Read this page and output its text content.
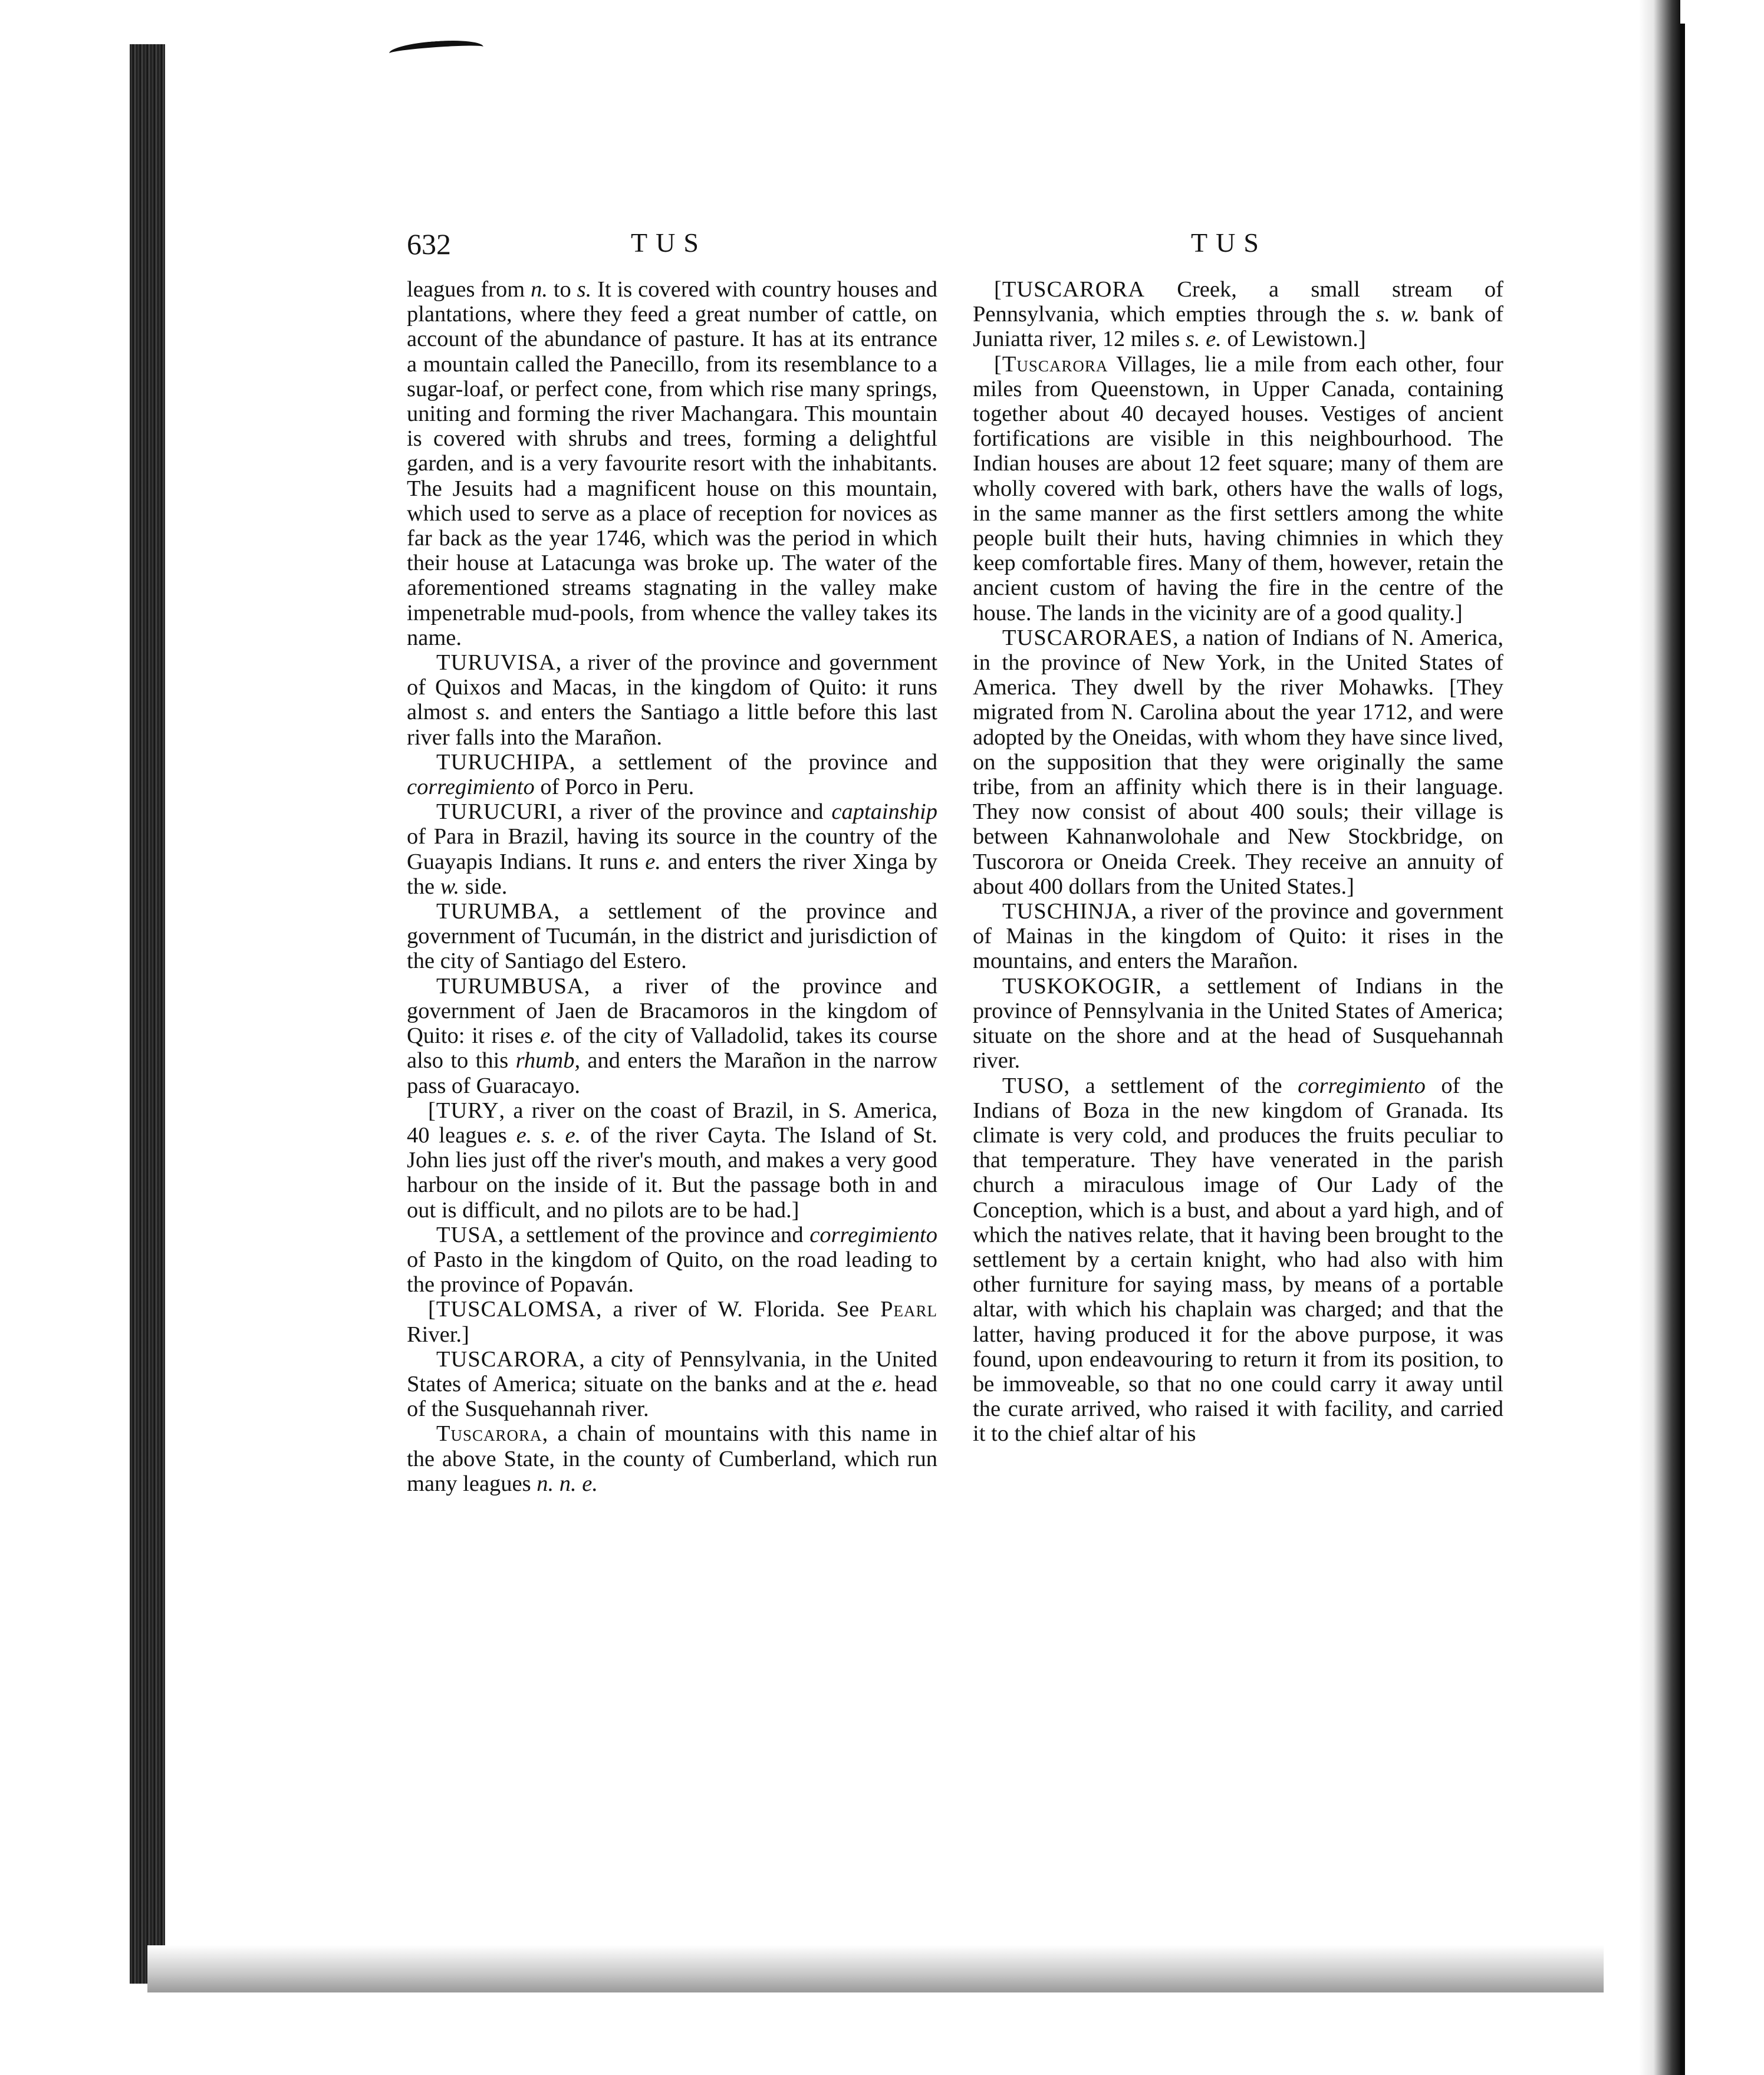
632	TUS	TUS

leagues from n. to s. It is covered with country houses and plantations, where they feed a great number of cattle, on account of the abundance of pasture. It has at its entrance a mountain called the Panecillo, from its resemblance to a sugar-loaf, or perfect cone, from which rise many springs, uniting and forming the river Machangara. This mountain is covered with shrubs and trees, forming a delightful garden, and is a very favourite resort with the inhabitants. The Jesuits had a magnificent house on this mountain, which used to serve as a place of reception for novices as far back as the year 1746, which was the period in which their house at Latacunga was broke up. The water of the aforementioned streams stagnating in the valley make impenetrable mud-pools, from whence the valley takes its name.

TURUVISA, a river of the province and government of Quixos and Macas, in the kingdom of Quito: it runs almost s. and enters the Santiago a little before this last river falls into the Marañon.

TURUCHIPA, a settlement of the province and corregimiento of Porco in Peru.

TURUCURI, a river of the province and captainship of Para in Brazil, having its source in the country of the Guayapis Indians. It runs e. and enters the river Xinga by the w. side.

TURUMBA, a settlement of the province and government of Tucumán, in the district and jurisdiction of the city of Santiago del Estero.

TURUMBUSA, a river of the province and government of Jaen de Bracamoros in the kingdom of Quito: it rises e. of the city of Valladolid, takes its course also to this rhumb, and enters the Marañon in the narrow pass of Guaracayo.

[TURY, a river on the coast of Brazil, in S. America, 40 leagues e. s. e. of the river Cayta. The Island of St. John lies just off the river's mouth, and makes a very good harbour on the inside of it. But the passage both in and out is difficult, and no pilots are to be had.]

TUSA, a settlement of the province and corregimiento of Pasto in the kingdom of Quito, on the road leading to the province of Popaván.

[TUSCALOMSA, a river of W. Florida. See Pearl River.]

TUSCARORA, a city of Pennsylvania, in the United States of America; situate on the banks and at the e. head of the Susquehannah river.

Tuscarora, a chain of mountains with this name in the above State, in the county of Cumberland, which run many leagues n. n. e.

[TUSCARORA Creek, a small stream of Pennsylvania, which empties through the s. w. bank of Juniatta river, 12 miles s. e. of Lewistown.]

[Tuscarora Villages, lie a mile from each other, four miles from Queenstown, in Upper Canada, containing together about 40 decayed houses. Vestiges of ancient fortifications are visible in this neighbourhood. The Indian houses are about 12 feet square; many of them are wholly covered with bark, others have the walls of logs, in the same manner as the first settlers among the white people built their huts, having chimnies in which they keep comfortable fires. Many of them, however, retain the ancient custom of having the fire in the centre of the house. The lands in the vicinity are of a good quality.]

TUSCARORAES, a nation of Indians of N. America, in the province of New York, in the United States of America. They dwell by the river Mohawks. [They migrated from N. Carolina about the year 1712, and were adopted by the Oneidas, with whom they have since lived, on the supposition that they were originally the same tribe, from an affinity which there is in their language. They now consist of about 400 souls; their village is between Kahnanwolohale and New Stockbridge, on Tuscorora or Oneida Creek. They receive an annuity of about 400 dollars from the United States.]

TUSCHINJA, a river of the province and government of Mainas in the kingdom of Quito: it rises in the mountains, and enters the Marañon.

TUSKOKOGIR, a settlement of Indians in the province of Pennsylvania in the United States of America; situate on the shore and at the head of Susquehannah river.

TUSO, a settlement of the corregimiento of the Indians of Boza in the new kingdom of Granada. Its climate is very cold, and produces the fruits peculiar to that temperature. They have venerated in the parish church a miraculous image of Our Lady of the Conception, which is a bust, and about a yard high, and of which the natives relate, that it having been brought to the settlement by a certain knight, who had also with him other furniture for saying mass, by means of a portable altar, with which his chaplain was charged; and that the latter, having produced it for the above purpose, it was found, upon endeavouring to return it from its position, to be immoveable, so that no one could carry it away until the curate arrived, who raised it with facility, and carried it to the chief altar of his
